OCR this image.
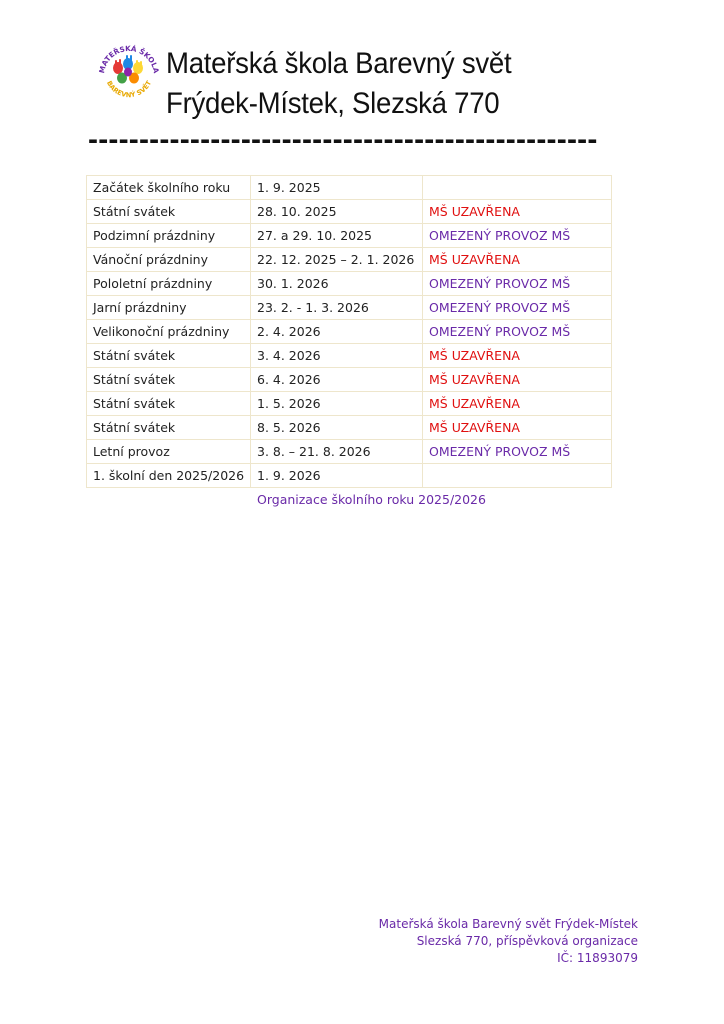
MATEŘSKÁ ŠKOLA
BAREVNÝ SVĚT
Mateřská škola Barevný svět
Frýdek-Místek, Slezská 770
--------------------------------------------------
Začátek školního roku	1. 9. 2025	
Státní svátek	28. 10. 2025	MŠ UZAVŘENA
Podzimní prázdniny	27. a 29. 10. 2025	OMEZENÝ PROVOZ MŠ
Vánoční prázdniny	22. 12. 2025 – 2. 1. 2026	MŠ UZAVŘENA
Pololetní prázdniny	30. 1. 2026	OMEZENÝ PROVOZ MŠ
Jarní prázdniny	23. 2. - 1. 3. 2026	OMEZENÝ PROVOZ MŠ
Velikonoční prázdniny	2. 4. 2026	OMEZENÝ PROVOZ MŠ
Státní svátek	3. 4. 2026	MŠ UZAVŘENA
Státní svátek	6. 4. 2026	MŠ UZAVŘENA
Státní svátek	1. 5. 2026	MŠ UZAVŘENA
Státní svátek	8. 5. 2026	MŠ UZAVŘENA
Letní provoz	3. 8. – 21. 8. 2026	OMEZENÝ PROVOZ MŠ
1. školní den 2025/2026	1. 9. 2026	
Organizace školního roku 2025/2026
Mateřská škola Barevný svět Frýdek-Místek
Slezská 770, příspěvková organizace
IČ: 11893079
